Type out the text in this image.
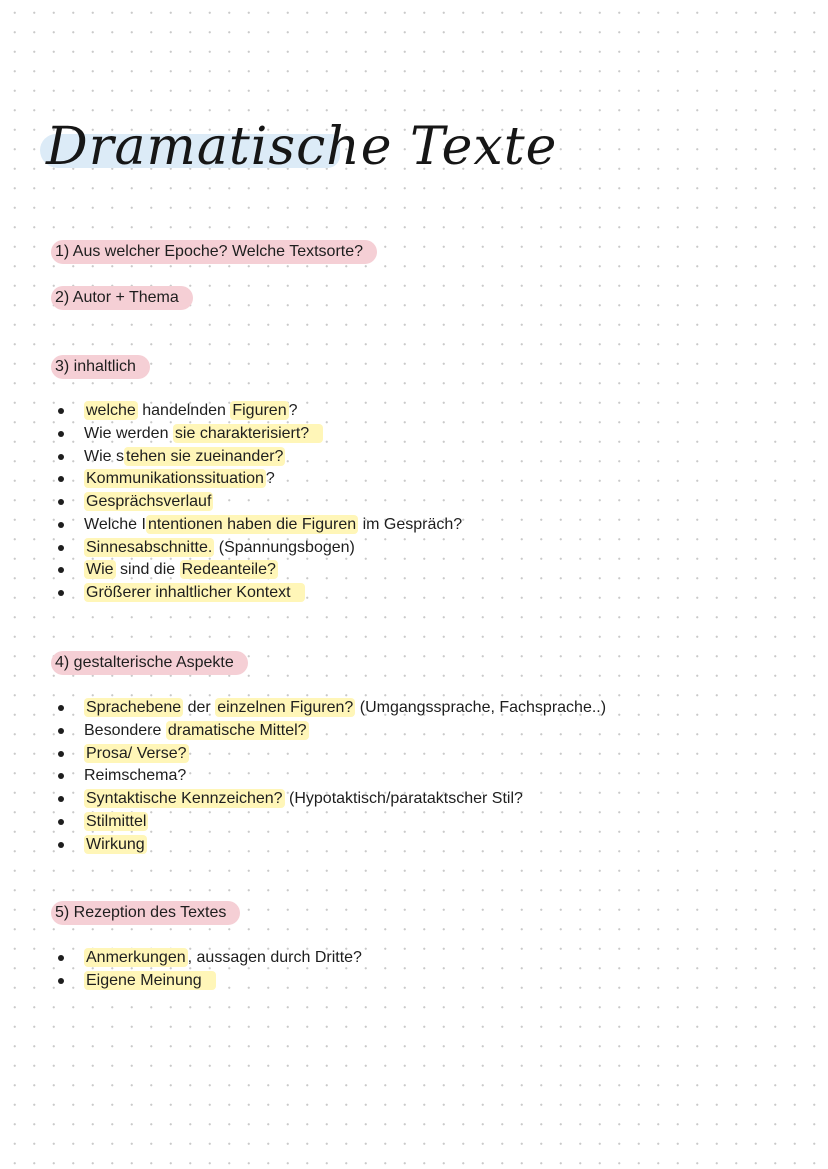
Dramatische Texte
1) Aus welcher Epoche? Welche Textsorte?
2) Autor + Thema
3) inhaltlich
welche handelnden Figuren ?
Wie werden sie charakterisiert?
Wie s tehen sie zueinander?
Kommunikationssituation ?
Gesprächsverlauf
Welche I ntentionen haben die Figuren im Gespräch?
Sinnesabschnitte. (Spannungsbogen)
Wie sind die Redeanteile?
Größerer inhaltlicher Kontext
4) gestalterische Aspekte
Sprachebene der einzelnen Figuren? (Umgangssprache, Fachsprache..)
Besondere dramatische Mittel?
Prosa/ Verse?
Reimschema?
Syntaktische Kennzeichen? (Hypotaktisch/parataktscher Stil?
Stilmittel
Wirkung
5) Rezeption des Textes
Anmerkungen , aussagen durch Dritte?
Eigene Meinung
